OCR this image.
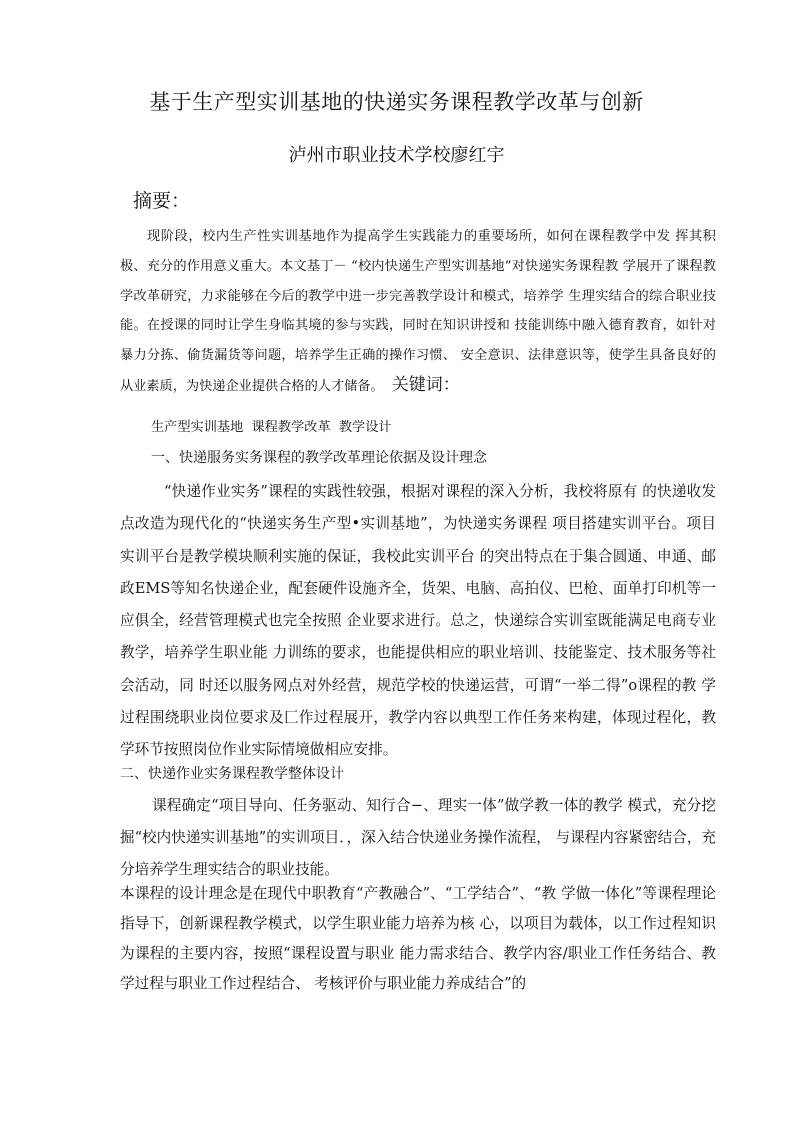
基于生产型实训基地的快递实务课程教学改革与创新
泸州市职业技术学校廖红宇
摘要：
现阶段，校内生产性实训基地作为提高学生实践能力的重要场所，如何在课程教学中发 挥其积极、充分的作用意义重大。本文基丁－ “校内快递生产型实训基地”对快递实务课程教 学展开了课程教学改革研究，力求能够在今后的教学中进一步完善教学设计和模式，培养学 生理实结合的综合职业技能。在授课的同时让学生身临其境的参与实践，同时在知识讲授和 技能训练中融入德育教育，如针对暴力分拣、偷货漏货等问题，培养学生正确的操作习惯、 安全意识、法律意识等，使学生具备良好的从业素质，为快递企业提供合格的人才储备。 关键词：
生产型实训基地 课程教学改革 教学设计
一、快递服务实务课程的教学改革理论依据及设计理念
“快递作业实务”课程的实践性较强，根据对课程的深入分析，我校将原有 的快递收发点改造为现代化的“快递实务生产型•实训基地”，为快递实务课程 项目搭建实训平台。项目实训平台是教学模块顺利实施的保证，我校此实训平台 的突出特点在于集合圆通、申通、邮政EMS等知名快递企业，配套硬件设施齐全，货架、电脑、高拍仪、巴枪、面单打印机等一应俱全，经营管理模式也完全按照 企业要求进行。总之，快递综合实训室既能满足电商专业教学，培养学生职业能 力训练的要求，也能提供相应的职业培训、技能鉴定、技术服务等社会活动，同 时还以服务网点对外经营，规范学校的快递运营，可谓“一举二得”o课程的教 学过程围绕职业岗位要求及匚作过程展开，教学内容以典型工作任务来构建，体现过程化，教学环节按照岗位作业实际情境做相应安排。
二、快递作业实务课程教学整体设计
课程确定“项目导向、任务驱动、知行合−、理实一体”做学教一体的教学 模式，充分挖掘“校内快递实训基地”的实训项目．，深入结合快递业务操作流程， 与课程内容紧密结合，充分培养学生理实结合的职业技能。
本课程的设计理念是在现代中职教育“产教融合”、“工学结合”、“教 学做一体化”等课程理论指导下，创新课程教学模式，以学生职业能力培养为核 心，以项目为载体，以工作过程知识为课程的主要内容，按照“课程设置与职业 能力需求结合、教学内容/职业工作任务结合、教学过程与职业工作过程结合、 考核评价与职业能力养成结合”的
